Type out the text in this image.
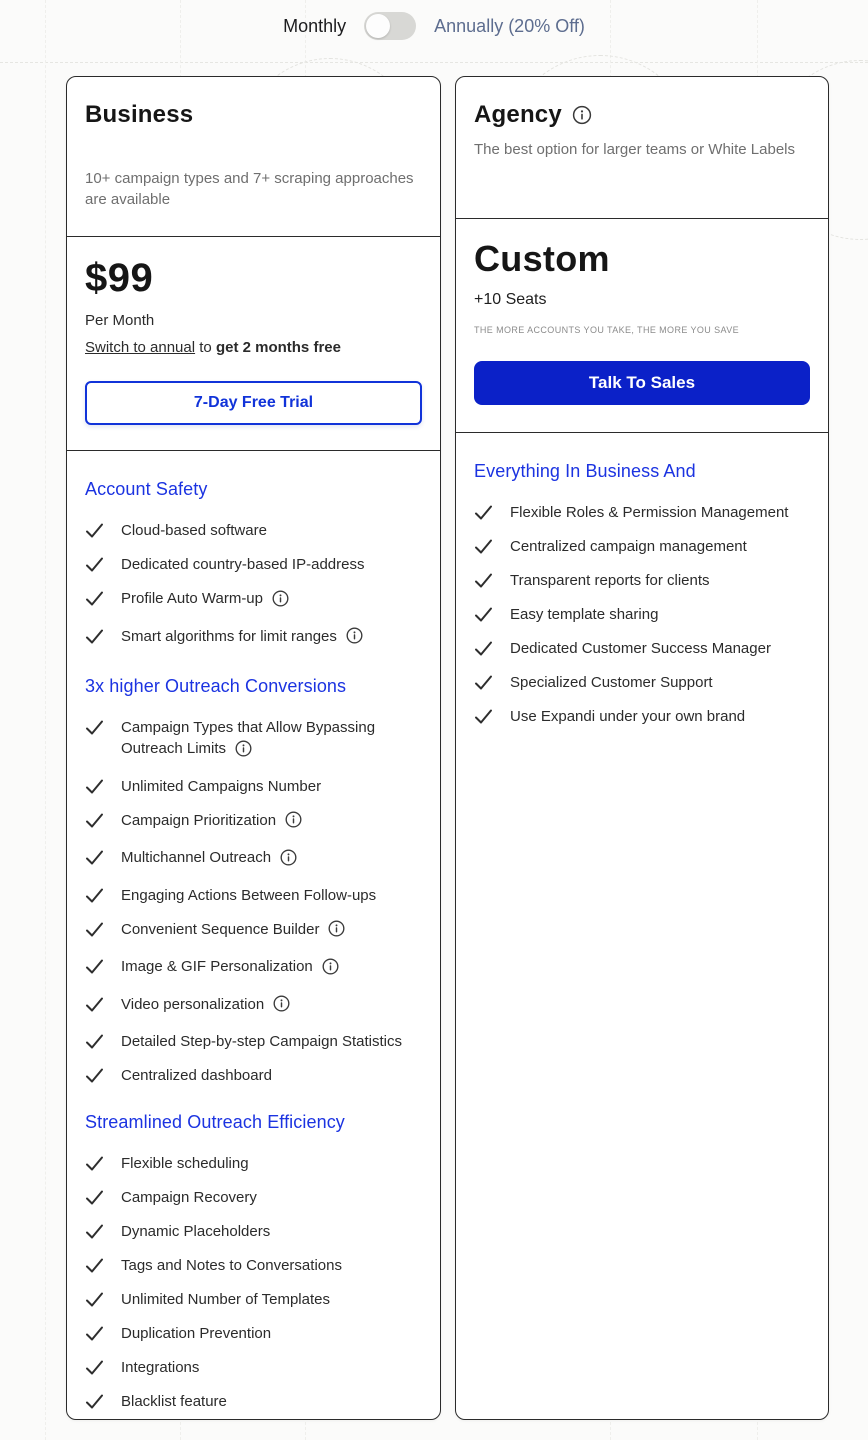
Monthly	Annually (20% Off)
Business
10+ campaign types and 7+ scraping approaches are available
$99
Per Month
Switch to annual to get 2 months free
7-Day Free Trial
Account Safety
Cloud-based software
Dedicated country-based IP-address
Profile Auto Warm-up
Smart algorithms for limit ranges
3x higher Outreach Conversions
Campaign Types that Allow Bypassing Outreach Limits
Unlimited Campaigns Number
Campaign Prioritization
Multichannel Outreach
Engaging Actions Between Follow-ups
Convenient Sequence Builder
Image & GIF Personalization
Video personalization
Detailed Step-by-step Campaign Statistics
Centralized dashboard
Streamlined Outreach Efficiency
Flexible scheduling
Campaign Recovery
Dynamic Placeholders
Tags and Notes to Conversations
Unlimited Number of Templates
Duplication Prevention
Integrations
Blacklist feature
Agency
The best option for larger teams or White Labels
Custom
+10 Seats
THE MORE ACCOUNTS YOU TAKE, THE MORE YOU SAVE
Talk To Sales
Everything In Business And
Flexible Roles & Permission Management
Centralized campaign management
Transparent reports for clients
Easy template sharing
Dedicated Customer Success Manager
Specialized Customer Support
Use Expandi under your own brand
